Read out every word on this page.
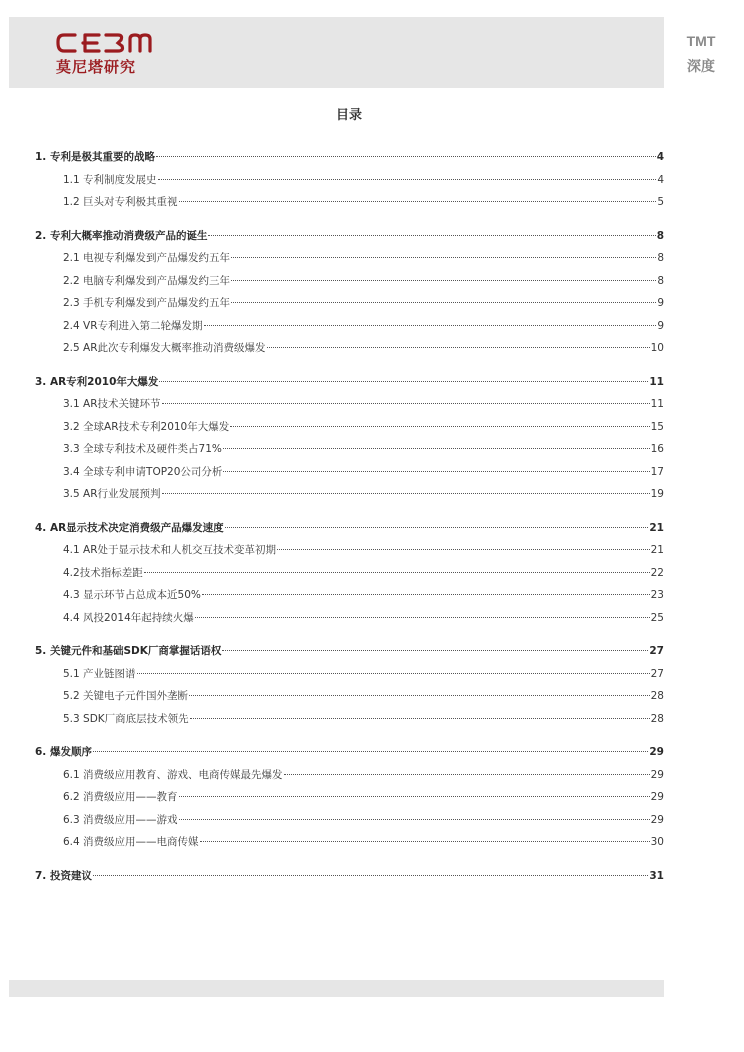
莫尼塔研究
TMT
深度
目录
1. 专利是极其重要的战略	4
1.1 专利制度发展史	4
1.2 巨头对专利极其重视	5
2. 专利大概率推动消费级产品的诞生	8
2.1 电视专利爆发到产品爆发约五年	8
2.2 电脑专利爆发到产品爆发约三年	8
2.3 手机专利爆发到产品爆发约五年	9
2.4 VR专利进入第二轮爆发期	9
2.5 AR此次专利爆发大概率推动消费级爆发	10
3. AR专利2010年大爆发	11
3.1 AR技术关键环节	11
3.2 全球AR技术专利2010年大爆发	15
3.3 全球专利技术及硬件类占71%	16
3.4 全球专利申请TOP20公司分析	17
3.5 AR行业发展预判	19
4. AR显示技术决定消费级产品爆发速度	21
4.1 AR处于显示技术和人机交互技术变革初期	21
4.2技术指标差距	22
4.3 显示环节占总成本近50%	23
4.4 风投2014年起持续火爆	25
5. 关键元件和基础SDK厂商掌握话语权	27
5.1 产业链图谱	27
5.2 关键电子元件国外垄断	28
5.3 SDK厂商底层技术领先	28
6. 爆发顺序	29
6.1 消费级应用教育、游戏、电商传媒最先爆发	29
6.2 消费级应用——教育	29
6.3 消费级应用——游戏	29
6.4 消费级应用——电商传媒	30
7. 投资建议	31
